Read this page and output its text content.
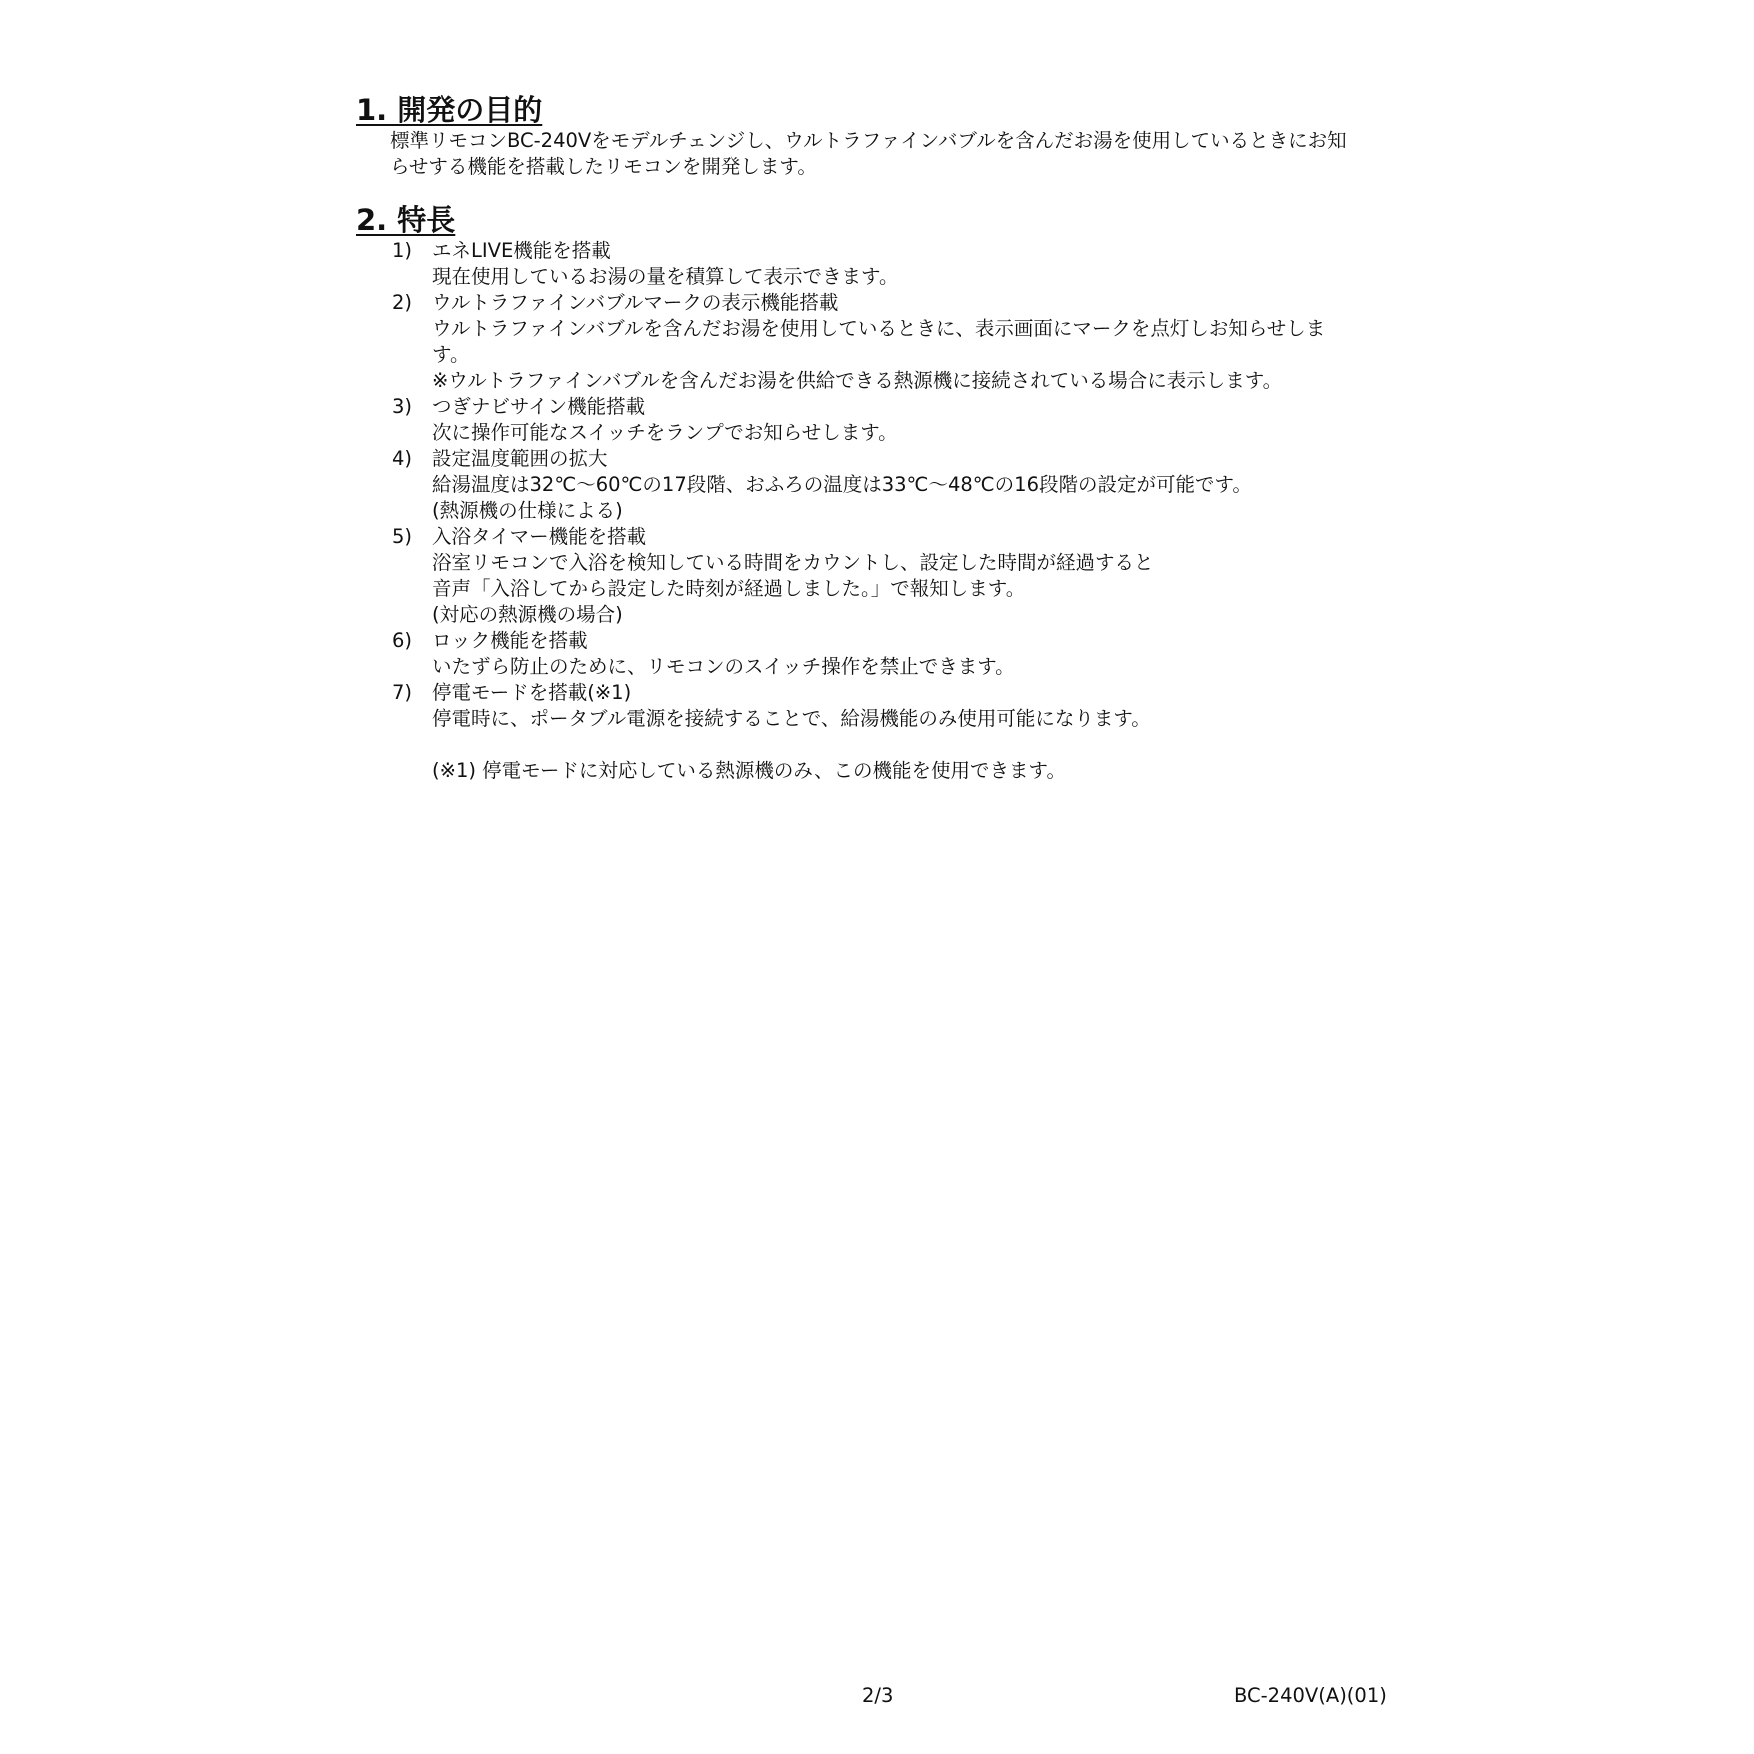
1. 開発の目的
標準リモコンBC-240Vをモデルチェンジし、ウルトラファインバブルを含んだお湯を使用しているときにお知
らせする機能を搭載したリモコンを開発します。
2. 特長
1)	エネLIVE機能を搭載
現在使用しているお湯の量を積算して表示できます。
2)	ウルトラファインバブルマークの表示機能搭載
ウルトラファインバブルを含んだお湯を使用しているときに、表示画面にマークを点灯しお知らせしま
す。
※ウルトラファインバブルを含んだお湯を供給できる熱源機に接続されている場合に表示します。
3)	つぎナビサイン機能搭載
次に操作可能なスイッチをランプでお知らせします。
4)	設定温度範囲の拡大
給湯温度は32℃〜60℃の17段階、おふろの温度は33℃〜48℃の16段階の設定が可能です。
(熱源機の仕様による)
5)	入浴タイマー機能を搭載
浴室リモコンで入浴を検知している時間をカウントし、設定した時間が経過すると
音声「入浴してから設定した時刻が経過しました。」で報知します。
(対応の熱源機の場合)
6)	ロック機能を搭載
いたずら防止のために、リモコンのスイッチ操作を禁止できます。
7)	停電モードを搭載(※1)
停電時に、ポータブル電源を接続することで、給湯機能のみ使用可能になります。
(※1) 停電モードに対応している熱源機のみ、この機能を使用できます。
2/3	BC-240V(A)(01)
